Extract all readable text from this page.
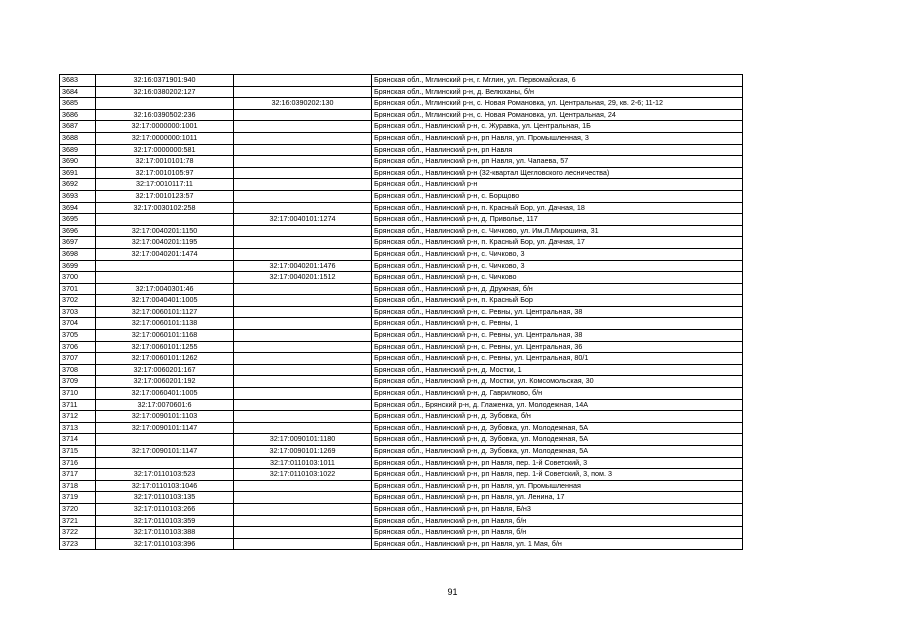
3683	32:16:0371901:940		Брянская обл., Мглинский р-н, г. Мглин, ул. Первомайская, 6
3684	32:16:0380202:127		Брянская обл., Мглинский р-н, д. Велюханы, б/н
3685		32:16:0390202:130	Брянская обл., Мглинский р-н, с. Новая Романовка, ул. Центральная, 29, кв. 2-6; 11-12
3686	32:16:0390502:236		Брянская обл., Мглинский р-н, с. Новая Романовка, ул. Центральная, 24
3687	32:17:0000000:1001		Брянская обл., Навлинский р-н, с. Журавка, ул. Центральная, 1Б
3688	32:17:0000000:1011		Брянская обл., Навлинский р-н, рп Навля, ул. Промышленная, 3
3689	32:17:0000000:581		Брянская обл., Навлинский р-н, рп Навля
3690	32:17:0010101:78		Брянская обл., Навлинский р-н, рп Навля, ул. Чапаева, 57
3691	32:17:0010105:97		Брянская обл., Навлинский р-н (32-квартал Щегловского лесничества)
3692	32:17:0010117:11		Брянская обл., Навлинский р-н
3693	32:17:0010123:57		Брянская обл., Навлинский р-н, с. Борщово
3694	32:17:0030102:258		Брянская обл., Навлинский р-н, п. Красный Бор, ул. Дачная, 18
3695		32:17:0040101:1274	Брянская обл., Навлинский р-н, д. Приволье, 117
3696	32:17:0040201:1150		Брянская обл., Навлинский р-н, с. Чичково, ул. Им.Л.Мирошина, 31
3697	32:17:0040201:1195		Брянская обл., Навлинский р-н, п. Красный Бор, ул. Дачная, 17
3698	32:17:0040201:1474		Брянская обл., Навлинский р-н, с. Чичково, 3
3699		32:17:0040201:1476	Брянская обл., Навлинский р-н, с. Чичково, 3
3700		32:17:0040201:1512	Брянская обл., Навлинский р-н, с. Чичково
3701	32:17:0040301:46		Брянская обл., Навлинский р-н, д. Дружная, б/н
3702	32:17:0040401:1005		Брянская обл., Навлинский р-н, п. Красный Бор
3703	32:17:0060101:1127		Брянская обл., Навлинский р-н, с. Ревны, ул. Центральная, 38
3704	32:17:0060101:1138		Брянская обл., Навлинский р-н, с. Ревны, 1
3705	32:17:0060101:1168		Брянская обл., Навлинский р-н, с. Ревны, ул. Центральная, 38
3706	32:17:0060101:1255		Брянская обл., Навлинский р-н, с. Ревны, ул. Центральная, 36
3707	32:17:0060101:1262		Брянская обл., Навлинский р-н, с. Ревны, ул. Центральная, 80/1
3708	32:17:0060201:167		Брянская обл., Навлинский р-н, д. Мостки, 1
3709	32:17:0060201:192		Брянская обл., Навлинский р-н, д. Мостки, ул. Комсомольская, 30
3710	32:17:0060401:1005		Брянская обл., Навлинский р-н, д. Гаврилково, б/н
3711	32:17:0070601:6		Брянская обл., Брянский р-н, д. Глаженка, ул. Молодежная, 14А
3712	32:17:0090101:1103		Брянская обл., Навлинский р-н, д. Зубовка, б/н
3713	32:17:0090101:1147		Брянская обл., Навлинский р-н, д. Зубовка, ул. Молодежная, 5А
3714		32:17:0090101:1180	Брянская обл., Навлинский р-н, д. Зубовка, ул. Молодежная, 5А
3715	32:17:0090101:1147	32:17:0090101:1269	Брянская обл., Навлинский р-н, д. Зубовка, ул. Молодежная, 5А
3716		32:17:0110103:1011	Брянская обл., Навлинский р-н, рп Навля, пер. 1-й Советский, 3
3717	32:17:0110103:523	32:17:0110103:1022	Брянская обл., Навлинский р-н, рп Навля, пер. 1-й Советский, 3, пом. 3
3718	32:17:0110103:1046		Брянская обл., Навлинский р-н, рп Навля, ул. Промышленная
3719	32:17:0110103:135		Брянская обл., Навлинский р-н, рп Навля, ул. Ленина, 17
3720	32:17:0110103:266		Брянская обл., Навлинский р-н, рп Навля, Б/н3
3721	32:17:0110103:359		Брянская обл., Навлинский р-н, рп Навля, б/н
3722	32:17:0110103:388		Брянская обл., Навлинский р-н, рп Навля, б/н
3723	32:17:0110103:396		Брянская обл., Навлинский р-н, рп Навля, ул. 1 Мая, б/н
91
